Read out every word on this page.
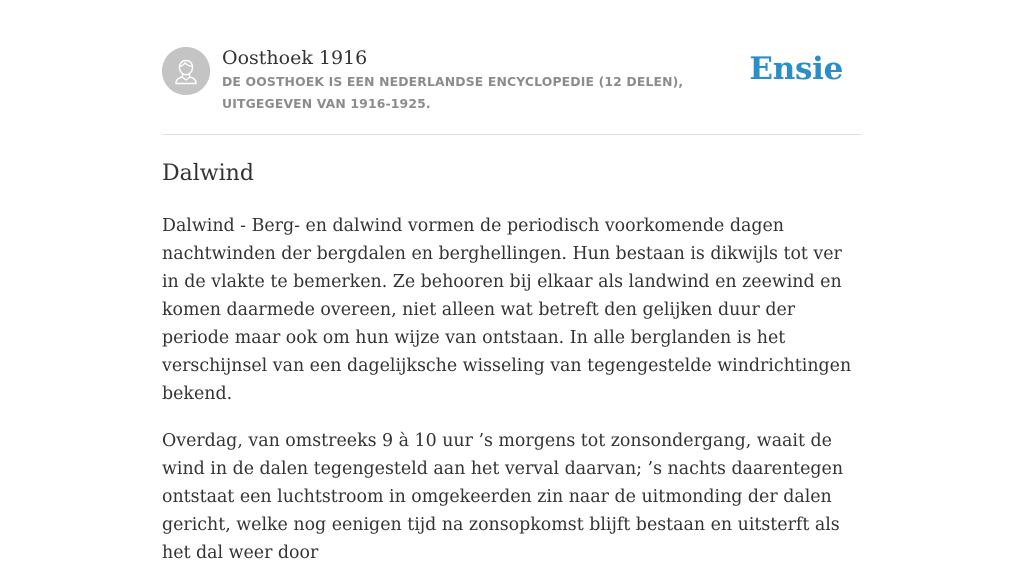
Oosthoek 1916

DE OOSTHOEK IS EEN NEDERLANDSE ENCYCLOPEDIE (12 DELEN), UITGEGEVEN VAN 1916-1925.

Ensie
Dalwind

Dalwind - Berg- en dalwind vormen de periodisch voorkomende dagen nachtwinden der bergdalen en berghellingen. Hun bestaan is dikwijls tot ver in de vlakte te bemerken. Ze behooren bij elkaar als landwind en zeewind en komen daarmede overeen, niet alleen wat betreft den gelijken duur der periode maar ook om hun wijze van ontstaan. In alle berglanden is het verschijnsel van een dagelijksche wisseling van tegengestelde windrichtingen bekend.

Overdag, van omstreeks 9 à 10 uur ’s morgens tot zonsondergang, waait de wind in de dalen tegengesteld aan het verval daarvan; ’s nachts daarentegen ontstaat een luchtstroom in omgekeerden zin naar de uitmonding der dalen gericht, welke nog eenigen tijd na zonsopkomst blijft bestaan en uitsterft als het dal weer door
